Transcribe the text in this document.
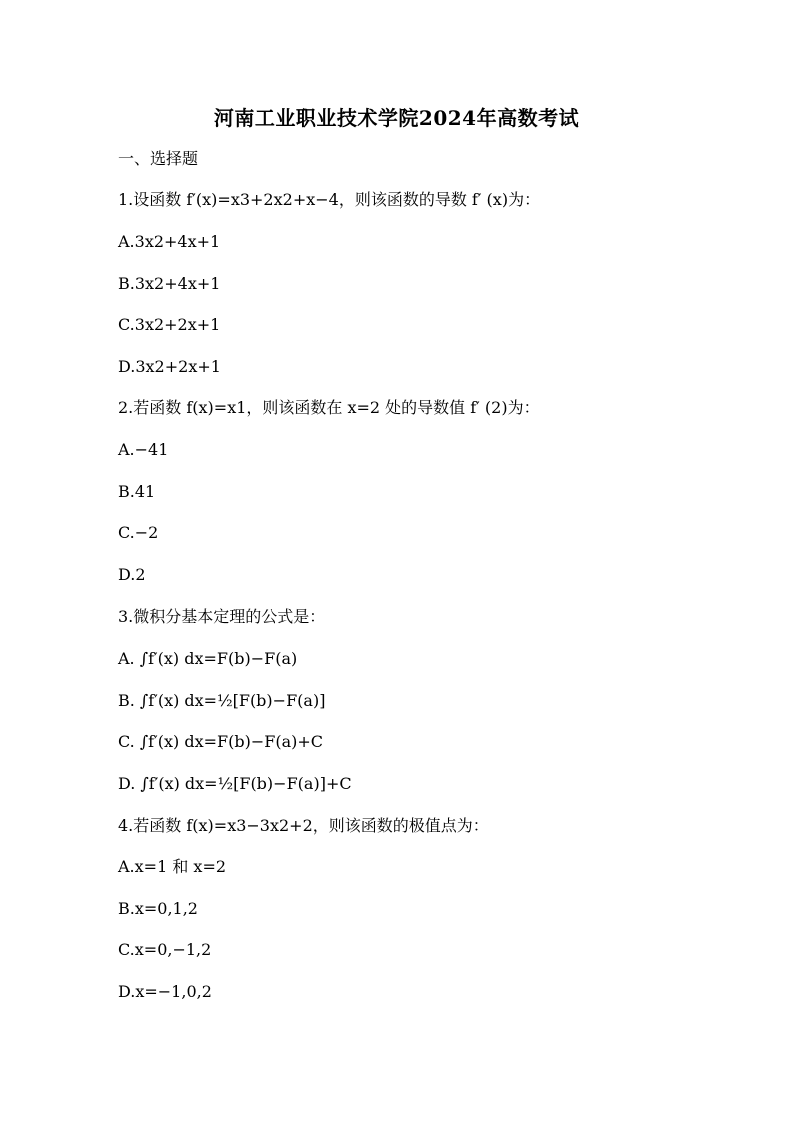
河南工业职业技术学院2024年高数考试
一、选择题
1.设函数 f′(x)=x3+2x2+x−4，则该函数的导数 f′ (x)为：
A.3x2+4x+1
B.3x2+4x+1
C.3x2+2x+1
D.3x2+2x+1
2.若函数 f(x)=x1，则该函数在 x=2 处的导数值 f′ (2)为：
A.−41
B.41
C.−2
D.2
3.微积分基本定理的公式是：
A. ∫f′(x) dx=F(b)−F(a)
B. ∫f′(x) dx=½[F(b)−F(a)]
C. ∫f′(x) dx=F(b)−F(a)+C
D. ∫f′(x) dx=½[F(b)−F(a)]+C
4.若函数 f(x)=x3−3x2+2，则该函数的极值点为：
A.x=1 和 x=2
B.x=0,1,2
C.x=0,−1,2
D.x=−1,0,2
